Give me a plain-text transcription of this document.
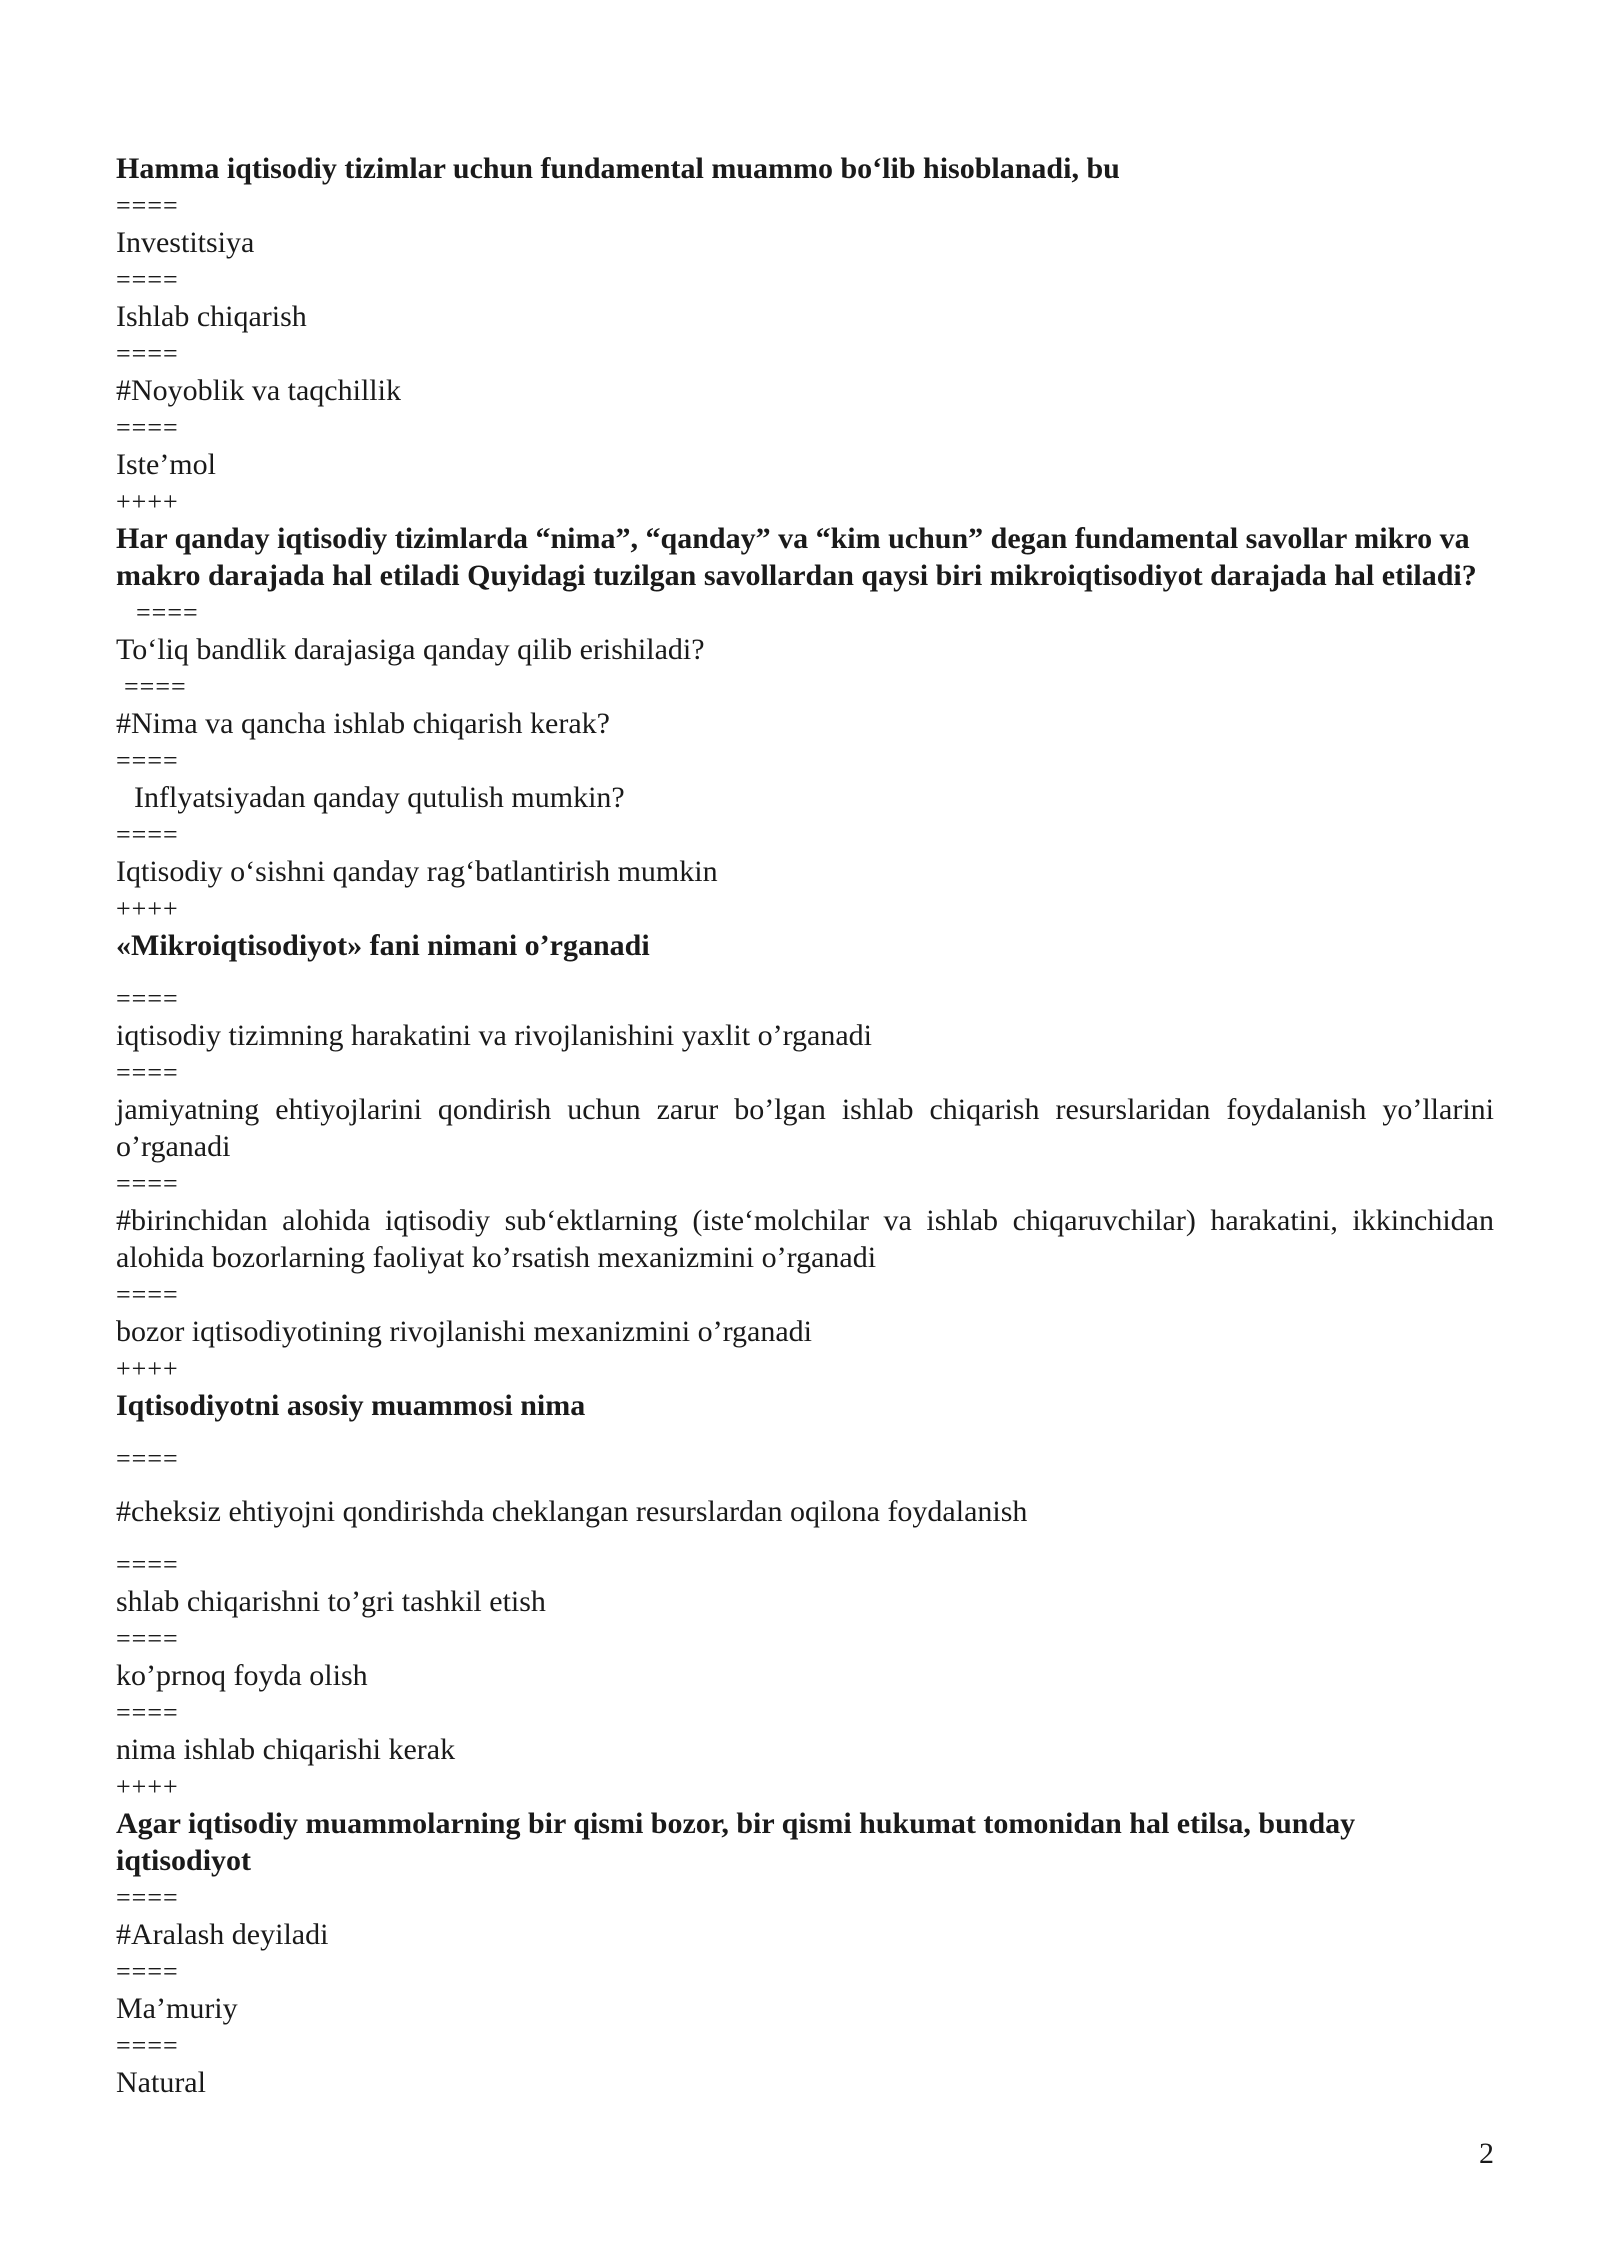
Hamma iqtisodiy tizimlar uchun fundamental muammo bo‘lib hisoblanadi, bu

====

Investitsiya

====

Ishlab chiqarish

====

#Noyoblik va taqchillik

====

Iste’mol

++++

Har qanday iqtisodiy tizimlarda “nima”, “qanday” va “kim uchun” degan fundamental savollar mikro va makro darajada hal etiladi Quyidagi tuzilgan savollardan qaysi biri mikroiqtisodiyot darajada hal etiladi?

====

To‘liq bandlik darajasiga qanday qilib erishiladi?

====

#Nima va qancha ishlab chiqarish kerak?

====

Inflyatsiyadan qanday qutulish mumkin?

====

Iqtisodiy o‘sishni qanday rag‘batlantirish mumkin

++++

«Mikroiqtisodiyot» fani nimani o’rganadi

====

iqtisodiy tizimning harakatini va rivojlanishini yaxlit o’rganadi

====

jamiyatning ehtiyojlarini qondirish uchun zarur bo’lgan ishlab chiqarish resurslaridan foydalanish yo’llarini o’rganadi

====

#birinchidan alohida iqtisodiy sub‘ektlarning (iste‘molchilar va ishlab chiqaruvchilar) harakatini, ikkinchidan alohida bozorlarning faoliyat ko’rsatish mexanizmini o’rganadi

====

bozor iqtisodiyotining rivojlanishi mexanizmini o’rganadi

++++

Iqtisodiyotni asosiy muammosi nima

====

#cheksiz ehtiyojni qondirishda cheklangan resurslardan oqilona foydalanish

====

shlab chiqarishni to’gri tashkil etish

====

ko’prnoq foyda olish

====

nima ishlab chiqarishi kerak

++++

Agar iqtisodiy muammolarning bir qismi bozor, bir qismi hukumat tomonidan hal etilsa, bunday iqtisodiyot

====

#Aralash deyiladi

====

Ma’muriy

====

Natural

2
